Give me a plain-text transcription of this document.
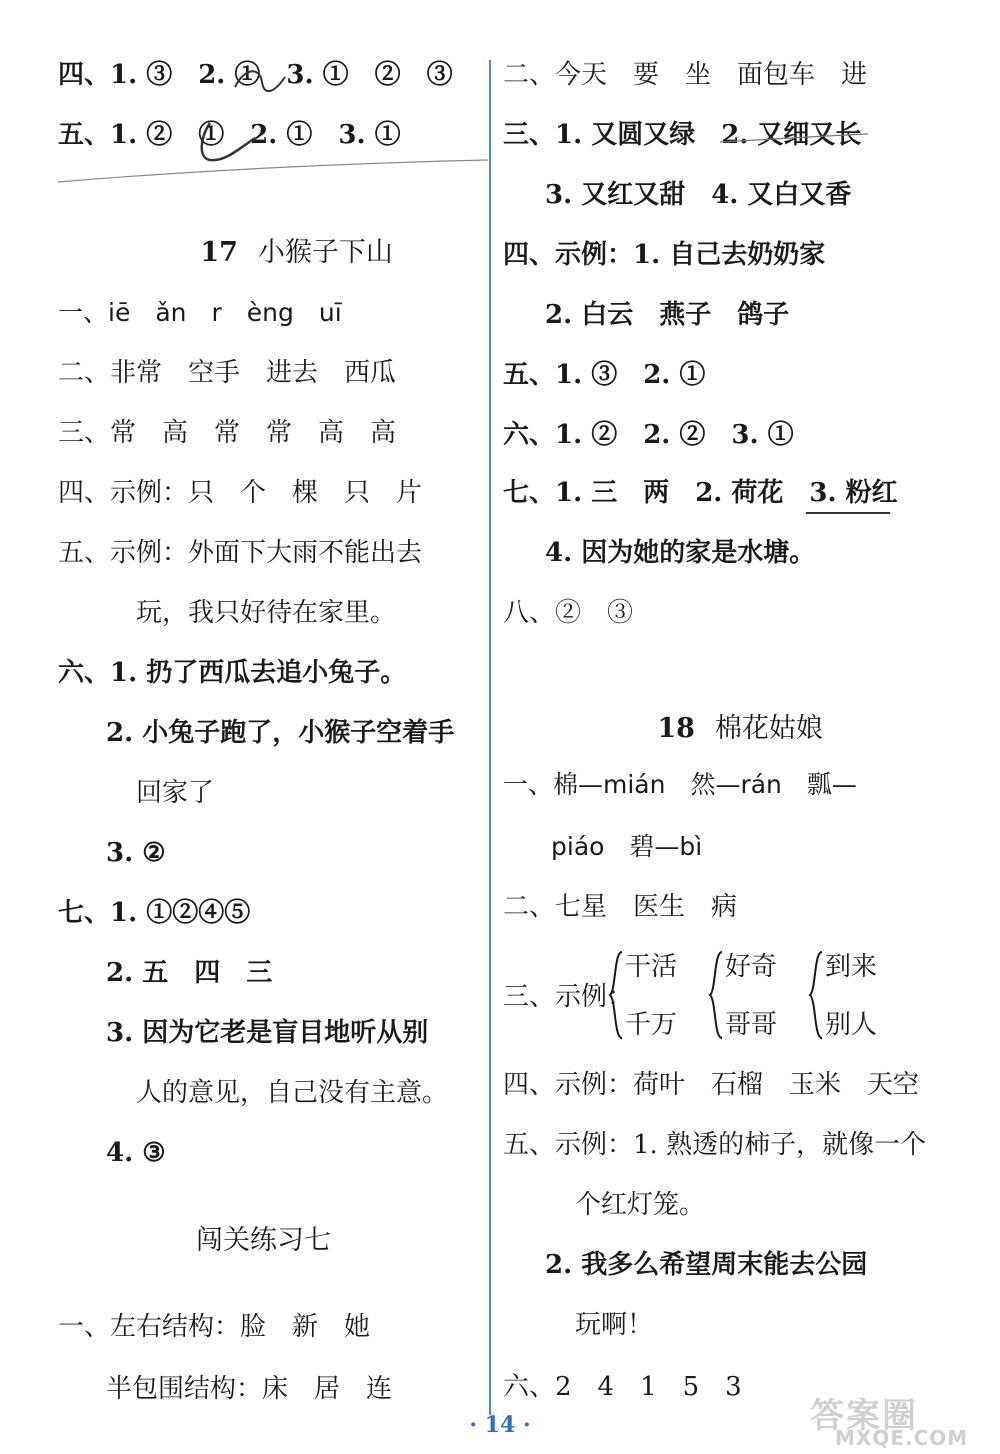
四、1. ③　2. ①　3. ①　②　③
五、1. ②　①　2. ①　3. ①

17 小猴子下山

一、iē　ǎn　r　èng　uī
二、非常　空手　进去　西瓜
三、常　高　常　常　高　高
四、示例：只　个　棵　只　片
五、示例：外面下大雨不能出去
玩，我只好待在家里。
六、1. 扔了西瓜去追小兔子。
2. 小兔子跑了，小猴子空着手
回家了
3. ②
七、1. ①②④⑤
2. 五　四　三
3. 因为它老是盲目地听从别
人的意见，自己没有主意。
4. ③
闯关练习七
一、左右结构：脸　新　她
半包围结构：床　居　连
二、今天　要　坐　面包车　进
三、1. 又圆又绿　2. 又细又长
3. 又红又甜　4. 又白又香
四、示例：1. 自己去奶奶家
2. 白云　燕子　鸽子
五、1. ③　2. ①
六、1. ②　2. ②　3. ①
七、1. 三　两　2. 荷花　3. 粉红
4. 因为她的家是水塘。
八、②　③

18 棉花姑娘

一、棉—mián　然—rán　瓢—
piáo　碧—bì
二、七星　医生　病
三、示例：
干活
千万
好奇
哥哥
到来
别人
四、示例：荷叶　石榴　玉米　天空
五、示例：1. 熟透的柿子，就像一个
个红灯笼。
2. 我多么希望周末能去公园
玩啊！
六、2　4　1　5　3
· 14 ·	答案圈
MXQE.COM
